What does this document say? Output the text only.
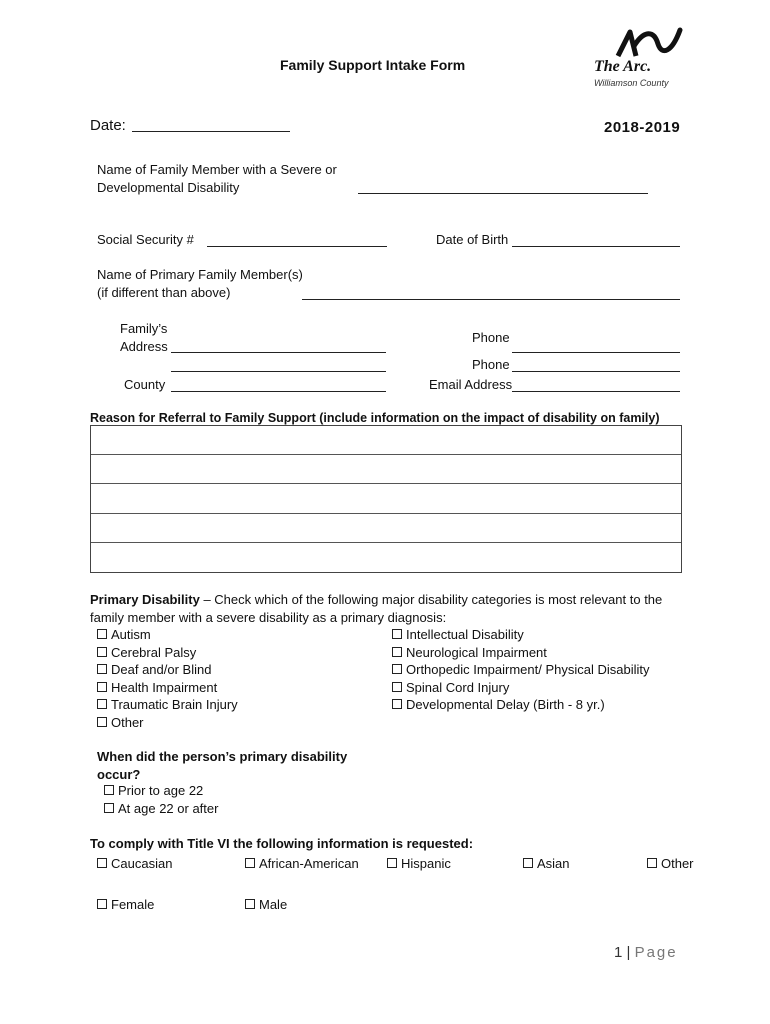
Family Support Intake Form	The Arc.
Williamson County
Date:	2018-2019
Name of Family Member with a Severe or
Developmental Disability
Social Security #	Date of Birth
Name of Primary Family Member(s)
(if different than above)
Family’s
Address
Phone
Phone
County	Email Address
Reason for Referral to Family Support (include information on the impact of disability on family)
Primary Disability – Check which of the following major disability categories is most relevant to the
family member with a severe disability as a primary diagnosis:
Autism
Cerebral Palsy
Deaf and/or Blind
Health Impairment
Traumatic Brain Injury
Other
Intellectual Disability
Neurological Impairment
Orthopedic Impairment/ Physical Disability
Spinal Cord Injury
Developmental Delay (Birth - 8 yr.)
When did the person’s primary disability
occur?
Prior to age 22
At age 22 or after
To comply with Title VI the following information is requested:
Caucasian	African-American	Hispanic	Asian	Other
Female	Male
1 | Page
